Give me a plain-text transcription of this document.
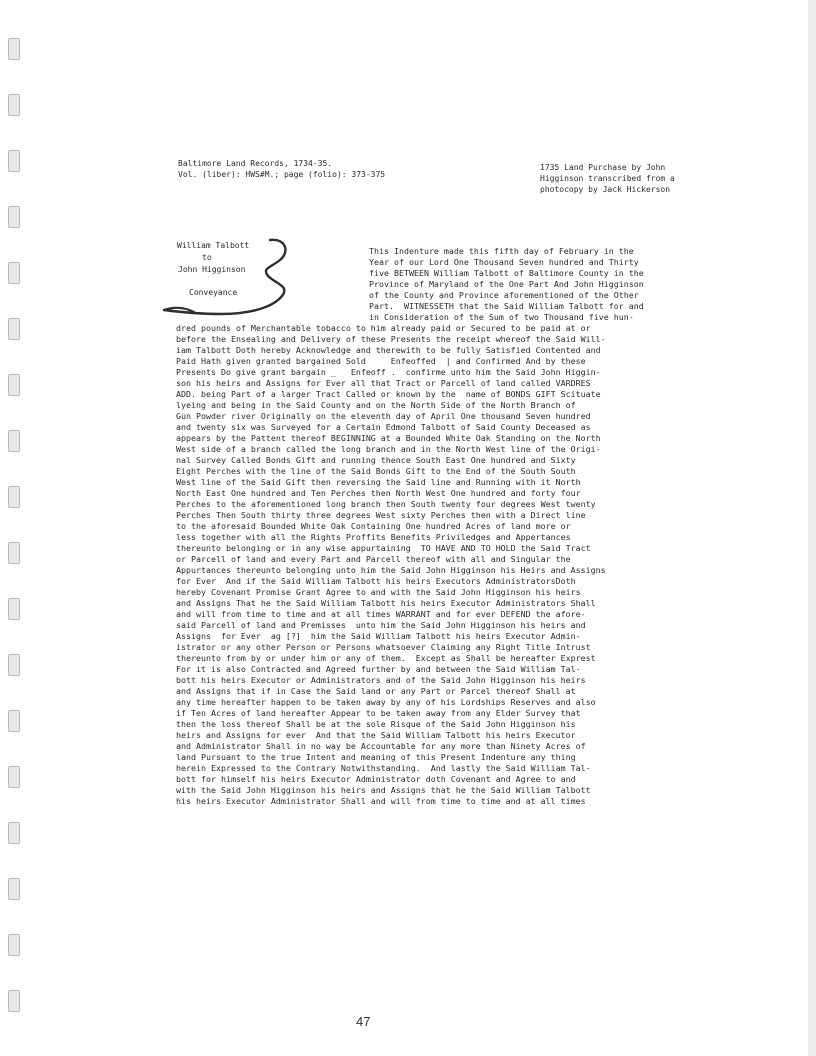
Baltimore Land Records, 1734-35.
Vol. (liber): HWS#M.; page (folio): 373-375
1735 Land Purchase by John
Higginson transcribed from a
photocopy by Jack Hickerson
William Talbott
to
John Higginson
Conveyance
This Indenture made this fifth day of February in the
Year of our Lord One Thousand Seven hundred and Thirty
five BETWEEN William Talbott of Baltimore County in the
Province of Maryland of the One Part And John Higginson
of the County and Province aforementioned of the Other
Part.  WITNESSETH that the Said William Talbott for and
in Consideration of the Sum of two Thousand five hun-
dred pounds of Merchantable tobacco to him already paid or Secured to be paid at or
before the Ensealing and Delivery of these Presents the receipt whereof the Said Will-
iam Talbott Doth hereby Acknowledge and therewith to be fully Satisfied Contented and
Paid Hath given granted bargained Sold     Enfeoffed  | and Confirmed And by these
Presents Do give grant bargain _   Enfeoff .  confirme unto him the Said John Higgin-
son his heirs and Assigns for Ever all that Tract or Parcell of land called VARDRES
ADD. being Part of a larger Tract Called or known by the  name of BONDS GIFT Scituate
lyeing and being in the Said County and on the North Side of the North Branch of
Gun Powder river Originally on the eleventh day of April One thousand Seven hundred
and twenty six was Surveyed for a Certain Edmond Talbott of Said County Deceased as
appears by the Pattent thereof BEGINNING at a Bounded White Oak Standing on the North
West side of a branch called the long branch and in the North West line of the Origi-
nal Survey Called Bonds Gift and running thence South East One hundred and Sixty
Eight Perches with the line of the Said Bonds Gift to the End of the South South
West line of the Said Gift then reversing the Said line and Running with it North
North East One hundred and Ten Perches then North West One hundred and forty four
Perches to the aforementioned long branch then South twenty four degrees West twenty
Perches Then South thirty three degrees West sixty Perches then with a Direct line
to the aforesaid Bounded White Oak Containing One hundred Acres of land more or
less together with all the Rights Proffits Benefits Priviledges and Appertances
thereunto belonging or in any wise appurtaining  TO HAVE AND TO HOLD the Said Tract
or Parcell of land and every Part and Parcell thereof with all and Singular the
Appurtances thereunto belonging unto him the Said John Higginson his Heirs and Assigns
for Ever  And if the Said William Talbott his heirs Executors AdministratorsDoth
hereby Covenant Promise Grant Agree to and with the Said John Higginson his heirs
and Assigns That he the Said William Talbott his heirs Executor Administrators Shall
and will from time to time and at all times WARRANT and for ever DEFEND the afore-
said Parcell of land and Premisses  unto him the Said John Higginson his heirs and
Assigns  for Ever  ag [?]  him the Said William Talbott his heirs Executor Admin-
istrator or any other Person or Persons whatsoever Claiming any Right Title Intrust
thereunto from by or under him or any of them.  Except as Shall be hereafter Exprest
For it is also Contracted and Agreed further by and between the Said William Tal-
bott his heirs Executor or Administrators and of the Said John Higginson his heirs
and Assigns that if in Case the Said land or any Part or Parcel thereof Shall at
any time hereafter happen to be taken away by any of his Lordships Reserves and also
if Ten Acres of land hereafter Appear to be taken away from any Elder Survey that
then the loss thereof Shall be at the sole Risque of the Said John Higginson his
heirs and Assigns for ever  And that the Said William Talbott his heirs Executor
and Administrator Shall in no way be Accountable for any more than Ninety Acres of
land Pursuant to the true Intent and meaning of this Present Indenture any thing
herein Expressed to the Contrary Notwithstanding.  And lastly the Said William Tal-
bott for himself his heirs Executor Administrator doth Covenant and Agree to and
with the Said John Higginson his heirs and Assigns that he the Said William Talbott
his heirs Executor Administrator Shall and will from time to time and at all times
47
